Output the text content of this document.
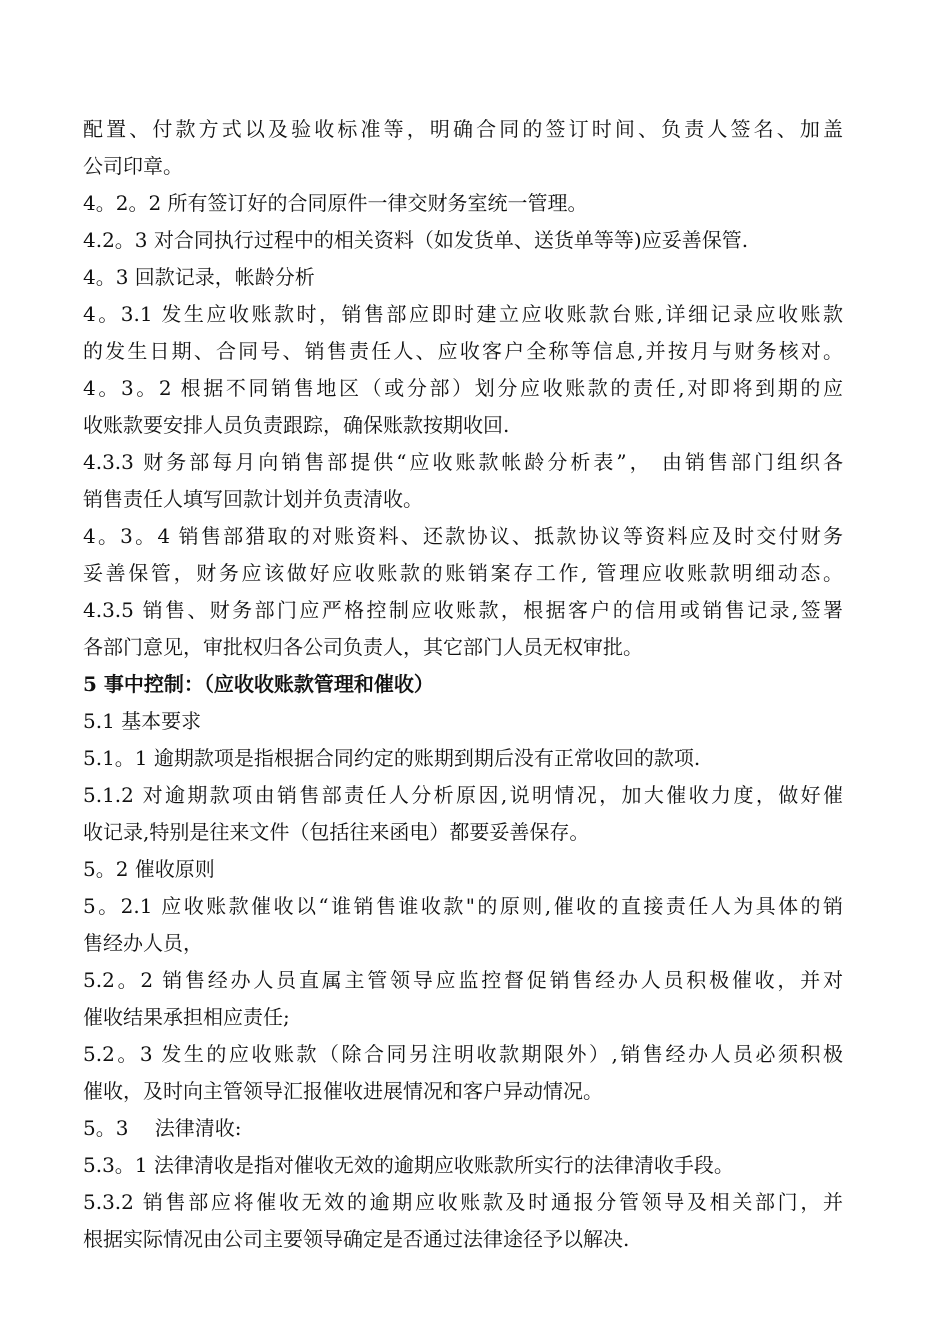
配置、付款方式以及验收标准等，明确合同的签订时间、负责人签名、加盖
公司印章。
4。2。2 所有签订好的合同原件一律交财务室统一管理。
4.2。3 对合同执行过程中的相关资料（如发货单、送货单等等)应妥善保管.
4。3 回款记录，帐龄分析
4。3.1 发生应收账款时，销售部应即时建立应收账款台账,详细记录应收账款
的发生日期、合同号、销售责任人、应收客户全称等信息,并按月与财务核对。
4。3。2 根据不同销售地区（或分部）划分应收账款的责任,对即将到期的应
收账款要安排人员负责跟踪，确保账款按期收回.
4.3.3 财务部每月向销售部提供“应收账款帐龄分析表”， 由销售部门组织各
销售责任人填写回款计划并负责清收。
4。3。4 销售部猎取的对账资料、还款协议、抵款协议等资料应及时交付财务
妥善保管，财务应该做好应收账款的账销案存工作, 管理应收账款明细动态。
4.3.5 销售、财务部门应严格控制应收账款，根据客户的信用或销售记录,签署
各部门意见，审批权归各公司负责人，其它部门人员无权审批。
5 事中控制：（应收收账款管理和催收）
5.1 基本要求
5.1。1 逾期款项是指根据合同约定的账期到期后没有正常收回的款项.
5.1.2 对逾期款项由销售部责任人分析原因,说明情况，加大催收力度，做好催
收记录,特别是往来文件（包括往来函电）都要妥善保存。
5。2 催收原则
5。2.1 应收账款催收以“谁销售谁收款"的原则,催收的直接责任人为具体的销
售经办人员，
5.2。2 销售经办人员直属主管领导应监控督促销售经办人员积极催收，并对
催收结果承担相应责任;
5.2。3 发生的应收账款（除合同另注明收款期限外）,销售经办人员必须积极
催收，及时向主管领导汇报催收进展情况和客户异动情况。
5。3　 法律清收:
5.3。1 法律清收是指对催收无效的逾期应收账款所实行的法律清收手段。
5.3.2 销售部应将催收无效的逾期应收账款及时通报分管领导及相关部门，并
根据实际情况由公司主要领导确定是否通过法律途径予以解决.
